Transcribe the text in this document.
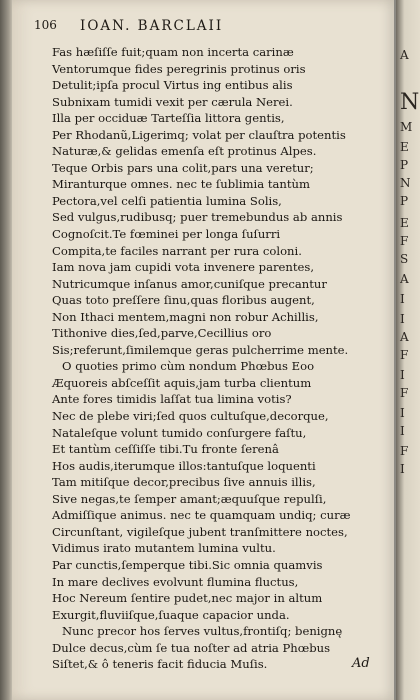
106 IOAN. BARCLAII
Fas hæſiſſe fuit;quam non incerta carinæ
Ventorumque fides peregrinis protinus oris
Detulit;ipſa procul Virtus ing entibus alis
Subnixam tumidi vexit per cærula Nerei.
Illa per occiduæ Tarteſſia littora gentis,
Per Rhodanũ,Ligerimq; volat per clauſtra potentis
Naturæ,& gelidas emenſa eſt protinus Alpes.
Teque Orbis pars una colit,pars una veretur;
Miranturque omnes. nec te ſublimia tantùm
Pectora,vel celſi patientia lumina Solis,
Sed vulgus,rudibusq; puer tremebundus ab annis
Cognoſcit.Te fœminei per longa ſuſurri
Compita,te faciles narrant per rura coloni.
Iam nova jam cupidi vota invenere parentes,
Nutricumque inſanus amor,cuniſque precantur
Quas toto preſſere ſinu,quas floribus augent,
Non Ithaci mentem,magni non robur Achillis,
Tithonive dies,ſed,parve,Cecillius oro
Sis;referunt,ſimilemque geras pulcherrime mente.
O quoties primo cùm nondum Phœbus Eoo
Æquoreis abſceſſit aquis,jam turba clientum
Ante fores timidis laſſat tua limina votis?
Nec de plebe viri;ſed quos cultuſque,decorque,
Nataleſque volunt tumido conſurgere faſtu,
Et tantùm ceſſiſſe tibi.Tu fronte ſerenâ
Hos audis,iterumque illos:tantuſque loquenti
Tam mitiſque decor,precibus ſive annuis illis,
Sive negas,te ſemper amant;æquuſque repulſi,
Admiſſique animus. nec te quamquam undiq; curæ
Circunſtant, vigileſque jubent tranſmittere noctes,
Vidimus irato mutantem lumina vultu.
Par cunctis,ſemperque tibi.Sic omnia quamvis
In mare declives evolvunt flumina fluctus,
Hoc Nereum ſentire pudet,nec major in altum
Exurgit,fluviiſque,ſuaque capacior unda.
Nunc precor hos ſerves vultus,frontiſq; benignę
Dulce decus,cùm ſe tua noſter ad atria Phœbus
Siſtet,& ô teneris facit fiducia Muſis.	Ad
A
N
M
E
P
N
P
E
F
S
A
I
I
A
F
I
F
I
I
F
I
